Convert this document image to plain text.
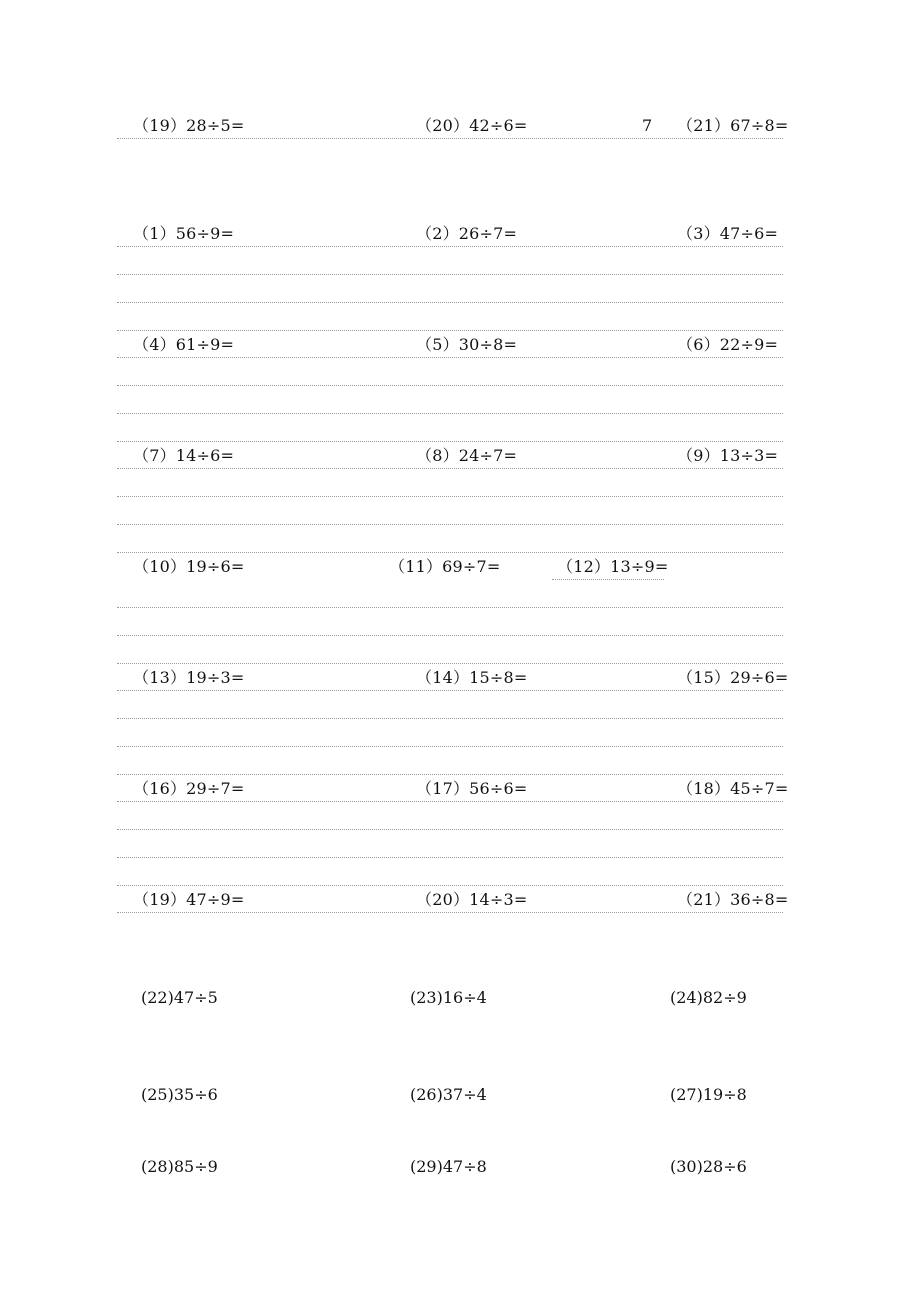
（19）28÷5=	（20）42÷6=	7 （21）67÷8=
（1）56÷9=	（2）26÷7=	（3）47÷6=
（4）61÷9=	（5）30÷8=	（6）22÷9=
（7）14÷6=	（8）24÷7=	（9）13÷3=
（10）19÷6=	（11）69÷7=	（12）13÷9=
（13）19÷3=	（14）15÷8=	（15）29÷6=
（16）29÷7=	（17）56÷6=	（18）45÷7=
（19）47÷9=	（20）14÷3=	（21）36÷8=
(22)47÷5	(23)16÷4	(24)82÷9
(25)35÷6	(26)37÷4	(27)19÷8
(28)85÷9	(29)47÷8	(30)28÷6
